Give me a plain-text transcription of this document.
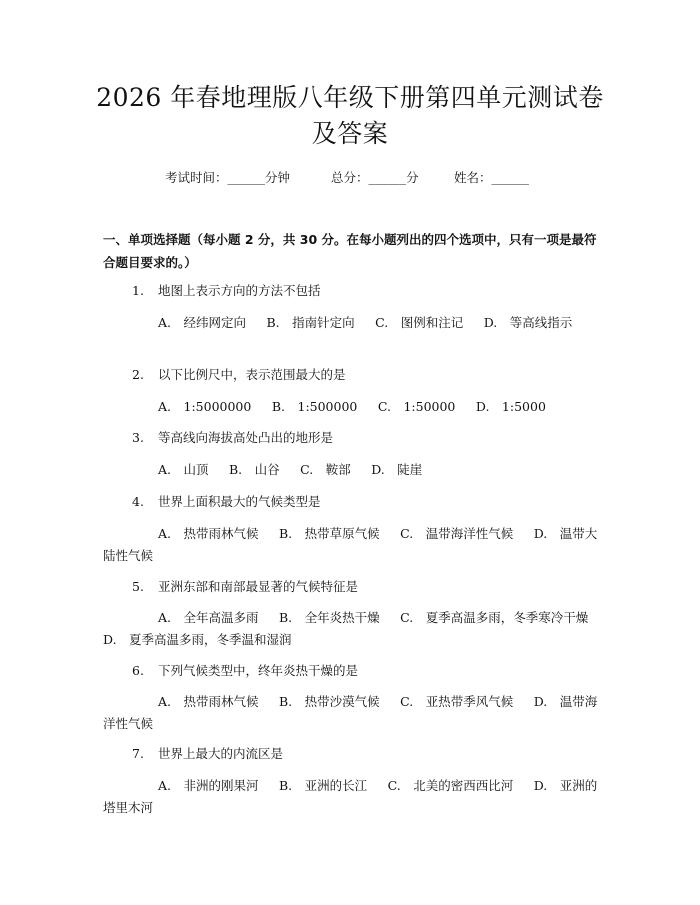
2026 年春地理版八年级下册第四单元测试卷
及答案
考试时间：______分钟	总分：______分	姓名：______
一、单项选择题（每小题 2 分，共 30 分。在每小题列出的四个选项中，只有一项是最符合题目要求的。）
1. 地图上表示方向的方法不包括
A.　经纬网定向　 B.　指南针定向　 C.　图例和注记　 D.　等高线指示
2. 以下比例尺中，表示范围最大的是
A.　1:5000000　 B.　1:500000　 C.　1:50000　 D.　1:5000
3. 等高线向海拔高处凸出的地形是
A.　山顶　 B.　山谷　 C.　鞍部　 D.　陡崖
4. 世界上面积最大的气候类型是
A.　热带雨林气候　 B.　热带草原气候　 C.　温带海洋性气候　 D.　温带大陆性气候
5. 亚洲东部和南部最显著的气候特征是
A.　全年高温多雨　 B.　全年炎热干燥　 C.　夏季高温多雨，冬季寒冷干燥　 D.　夏季高温多雨，冬季温和湿润
6. 下列气候类型中，终年炎热干燥的是
A.　热带雨林气候　 B.　热带沙漠气候　 C.　亚热带季风气候　 D.　温带海洋性气候
7. 世界上最大的内流区是
A.　非洲的刚果河　 B.　亚洲的长江　 C.　北美的密西西比河　 D.　亚洲的塔里木河
